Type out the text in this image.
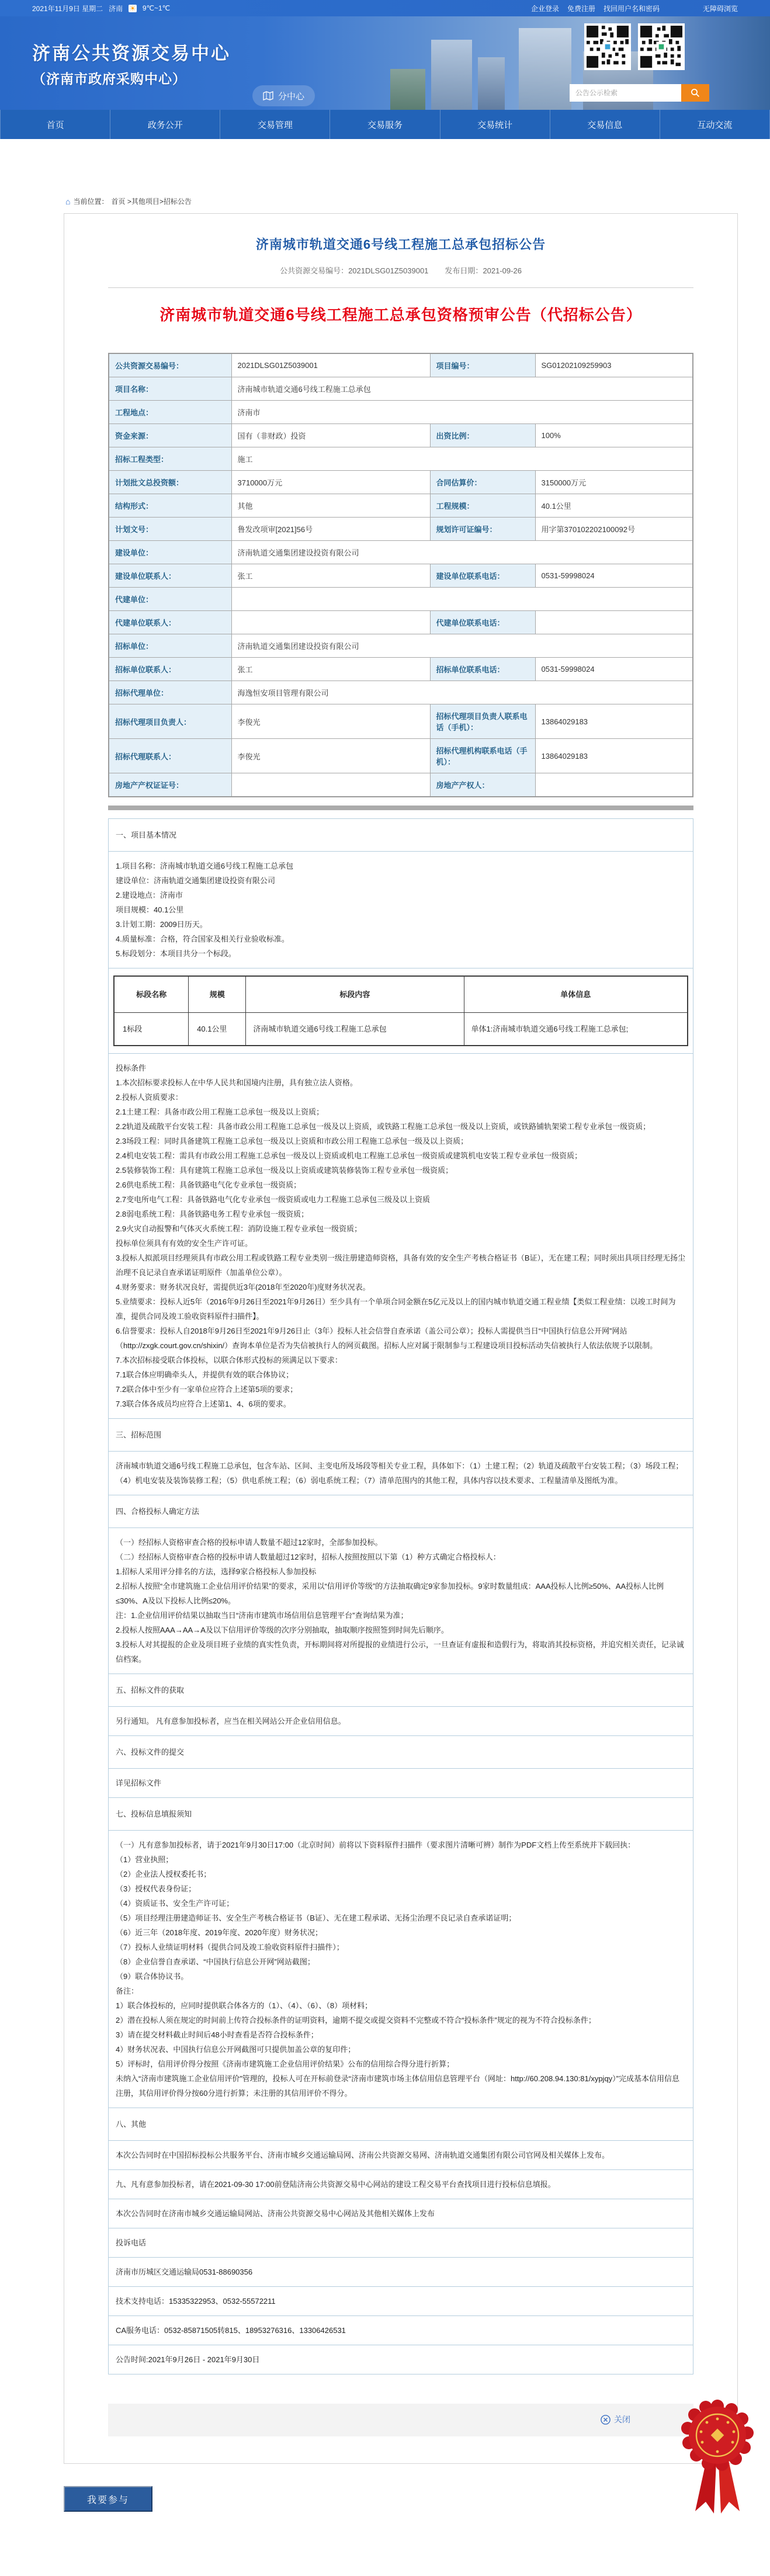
2021年11月9日 星期二 济南 ☀ 9℃~1℃	企业登录 免费注册 找回用户名和密码	无障碍浏览
济南公共资源交易中心
（济南市政府采购中心）
分中心
公告公示检索
首页	政务公开	交易管理	交易服务	交易统计	交易信息	互动交流
⌂ 当前位置： 首页 >其他项目>招标公告
济南城市轨道交通6号线工程施工总承包招标公告
公共资源交易编号：2021DLSG01Z5039001 发布日期：2021-09-26
济南城市轨道交通6号线工程施工总承包资格预审公告（代招标公告）
公共资源交易编号：	2021DLSG01Z5039001	项目编号：	SG01202109259903
项目名称：	济南城市轨道交通6号线工程施工总承包		
工程地点：	济南市		
资金来源：	国有（非财政）投资	出资比例：	100%
招标工程类型：	施工		
计划批文总投资额：	3710000万元	合同估算价：	3150000万元
结构形式：	其他	工程规模：	40.1公里
计划文号：	鲁发改项审[2021]56号	规划许可证编号：	用字第370102202100092号
建设单位：	济南轨道交通集团建设投资有限公司		
建设单位联系人：	张工	建设单位联系电话：	0531-59998024
代建单位：			
代建单位联系人：		代建单位联系电话：	
招标单位：	济南轨道交通集团建设投资有限公司		
招标单位联系人：	张工	招标单位联系电话：	0531-59998024
招标代理单位：	海逸恒安项目管理有限公司		
招标代理项目负责人：	李俊光	招标代理项目负责人联系电话（手机）：	13864029183
招标代理联系人：	李俊光	招标代理机构联系电话（手机）：	13864029183
房地产产权证证号：		房地产产权人：	
一、项目基本情况

1.项目名称：济南城市轨道交通6号线工程施工总承包
建设单位：济南轨道交通集团建设投资有限公司
2.建设地点：济南市
项目规模：40.1公里
3.计划工期：2009日历天。
4.质量标准：合格，符合国家及相关行业验收标准。
5.标段划分：本项目共分一个标段。

标段名称	规模	标段内容	单体信息
1标段	40.1公里	济南城市轨道交通6号线工程施工总承包	单体1:济南城市轨道交通6号线工程施工总承包;

投标条件
1.本次招标要求投标人在中华人民共和国境内注册，具有独立法人资格。
2.投标人资质要求：
2.1土建工程：具备市政公用工程施工总承包一级及以上资质；
2.2轨道及疏散平台安装工程：具备市政公用工程施工总承包一级及以上资质，或铁路工程施工总承包一级及以上资质，或铁路铺轨架梁工程专业承包一级资质；
2.3场段工程：同时具备建筑工程施工总承包一级及以上资质和市政公用工程施工总承包一级及以上资质；
2.4机电安装工程：需具有市政公用工程施工总承包一级及以上资质或机电工程施工总承包一级资质或建筑机电安装工程专业承包一级资质；
2.5装修装饰工程：具有建筑工程施工总承包一级及以上资质或建筑装修装饰工程专业承包一级资质；
2.6供电系统工程：具备铁路电气化专业承包一级资质；
2.7变电所电气工程：具备铁路电气化专业承包一级资质或电力工程施工总承包三级及以上资质
2.8弱电系统工程：具备铁路电务工程专业承包一级资质；
2.9火灾自动报警和气体灭火系统工程：消防设施工程专业承包一级资质；
投标单位须具有有效的安全生产许可证。
3.投标人拟派项目经理须具有市政公用工程或铁路工程专业类别一级注册建造师资格，具备有效的安全生产考核合格证书（B证），无在建工程；同时须出具项目经理无扬尘治理不良记录自查承诺证明原件（加盖单位公章）。
4.财务要求：财务状况良好，需提供近3年(2018年至2020年)度财务状况表。
5.业绩要求：投标人近5年（2016年9月26日至2021年9月26日）至少具有一个单项合同金额在5亿元及以上的国内城市轨道交通工程业绩【类似工程业绩：以竣工时间为准，提供合同及竣工验收资料原件扫描件】。
6.信誉要求：投标人自2018年9月26日至2021年9月26日止（3年）投标人社会信誉自查承诺（盖公司公章）；投标人需提供当日“中国执行信息公开网”网站（http://zxgk.court.gov.cn/shixin/）查询本单位是否为失信被执行人的网页截图。招标人应对属于限制参与工程建设项目投标活动失信被执行人依法依规予以限制。
7.本次招标接受联合体投标，以联合体形式投标的须满足以下要求：
7.1联合体应明确牵头人，并提供有效的联合体协议；
7.2联合体中至少有一家单位应符合上述第5项的要求；
7.3联合体各成员均应符合上述第1、4、6项的要求。

三、招标范围

济南城市轨道交通6号线工程施工总承包，包含车站、区间、主变电所及场段等相关专业工程，具体如下：（1）土建工程；（2）轨道及疏散平台安装工程；（3）场段工程；（4）机电安装及装饰装修工程；（5）供电系统工程；（6）弱电系统工程；（7）清单范围内的其他工程，具体内容以技术要求、工程量清单及图纸为准。

四、合格投标人确定方法

（一）经招标人资格审查合格的投标申请人数量不超过12家时，全部参加投标。
（二）经招标人资格审查合格的投标申请人数量超过12家时，招标人按照按照以下第（1）种方式确定合格投标人：
1.招标人采用评分排名的方法，选择9家合格投标人参加投标
2.招标人按照“全市建筑施工企业信用评价结果”的要求，采用以“信用评价等级”的方法抽取确定9家参加投标。9家时数量组成：AAA投标人比例≥50%、AA投标人比例≤30%、A及以下投标人比例≤20%。
注：1.企业信用评价结果以抽取当日“济南市建筑市场信用信息管理平台”查询结果为准；
2.投标人按照AAA→AA→A及以下信用评价等级的次序分别抽取，抽取顺序按照签到时间先后顺序。
3.投标人对其提报的企业及项目班子业绩的真实性负责，开标期间将对所提报的业绩进行公示，一旦查证有虚报和造假行为，将取消其投标资格，并追究相关责任，记录诚信档案。

五、招标文件的获取

另行通知。 凡有意参加投标者，应当在相关网站公开企业信用信息。

六、投标文件的提交

详见招标文件

七、投标信息填报须知

（一）凡有意参加投标者，请于2021年9月30日17:00（北京时间）前将以下资料原件扫描件（要求图片清晰可辨）制作为PDF文档上传至系统并下载回执：
（1）营业执照；
（2）企业法人授权委托书；
（3）授权代表身份证；
（4）资质证书、安全生产许可证；
（5）项目经理注册建造师证书、安全生产考核合格证书（B证）、无在建工程承诺、无扬尘治理不良记录自查承诺证明；
（6）近三年（2018年度、2019年度、2020年度）财务状况；
（7）投标人业绩证明材料（提供合同及竣工验收资料原件扫描件）；
（8）企业信誉自查承诺、“中国执行信息公开网”网站截图；
（9）联合体协议书。
备注：
1）联合体投标的，应同时提供联合体各方的（1）、（4）、（6）、（8）项材料；
2）潜在投标人须在规定的时间前上传符合投标条件的证明资料，逾期不提交或提交资料不完整或不符合“投标条件”规定的视为不符合投标条件；
3）请在提交材料截止时间后48小时查看是否符合投标条件；
4）财务状况表、中国执行信息公开网截图可只提供加盖公章的复印件；
5）评标时，信用评价得分按照《济南市建筑施工企业信用评价结果》公布的信用综合得分进行折算；
未纳入“济南市建筑施工企业信用评价”管理的，投标人可在开标前登录“济南市建筑市场主体信用信息管理平台（网址：http://60.208.94.130:81/xypjqy）”完成基本信用信息注册，其信用评价得分按60分进行折算；未注册的其信用评价不得分。

八、其他

本次公告同时在中国招标投标公共服务平台、济南市城乡交通运输局网、济南公共资源交易网、济南轨道交通集团有限公司官网及相关媒体上发布。

九、凡有意参加投标者，请在2021-09-30 17:00前登陆济南公共资源交易中心网站的建设工程交易平台查找项目进行投标信息填报。

本次公告同时在济南市城乡交通运输局网站、济南公共资源交易中心网站及其他相关媒体上发布

投诉电话

济南市历城区交通运输局0531-88690356

技术支持电话：15335322953、0532-55572211

CA服务电话：0532-85871505转815、18953276316、13306426531

公告时间:2021年9月26日 - 2021年9月30日
关闭
我要参与
